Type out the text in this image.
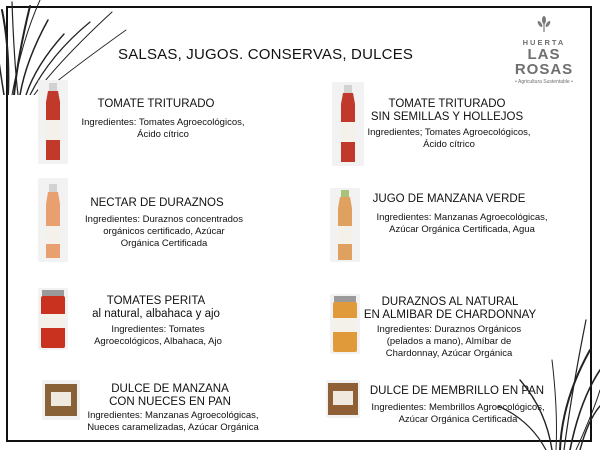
SALSAS, JUGOS. CONSERVAS, DULCES
HUERTA
LAS ROSAS
• Agricultura Sustentable •
TOMATE TRITURADO
Ingredientes: Tomates Agroecológicos,
Ácido cítrico
TOMATE TRITURADO
SIN SEMILLAS Y HOLLEJOS
Ingredientes; Tomates Agroecológicos,
Ácido cítrico
NECTAR DE DURAZNOS
Ingredientes: Duraznos concentrados
orgánicos certificado, Azúcar
Orgánica Certificada
JUGO DE MANZANA VERDE
Ingredientes: Manzanas Agroecológicas,
Azúcar Orgánica Certificada, Agua
TOMATES PERITA
al natural, albahaca y ajo
Ingredientes: Tomates
Agroecológicos, Albahaca, Ajo
DURAZNOS AL NATURAL
EN ALMIBAR DE CHARDONNAY
Ingredientes: Duraznos Orgánicos
(pelados a mano), Almíbar de
Chardonnay, Azúcar Orgánica
DULCE DE MANZANA
CON NUECES EN PAN
Ingredientes: Manzanas Agroecológicas,
Nueces caramelizadas, Azúcar Orgánica
DULCE DE MEMBRILLO EN PAN
Ingredientes: Membrillos Agroecológicos,
Azúcar Orgánica Certificada
